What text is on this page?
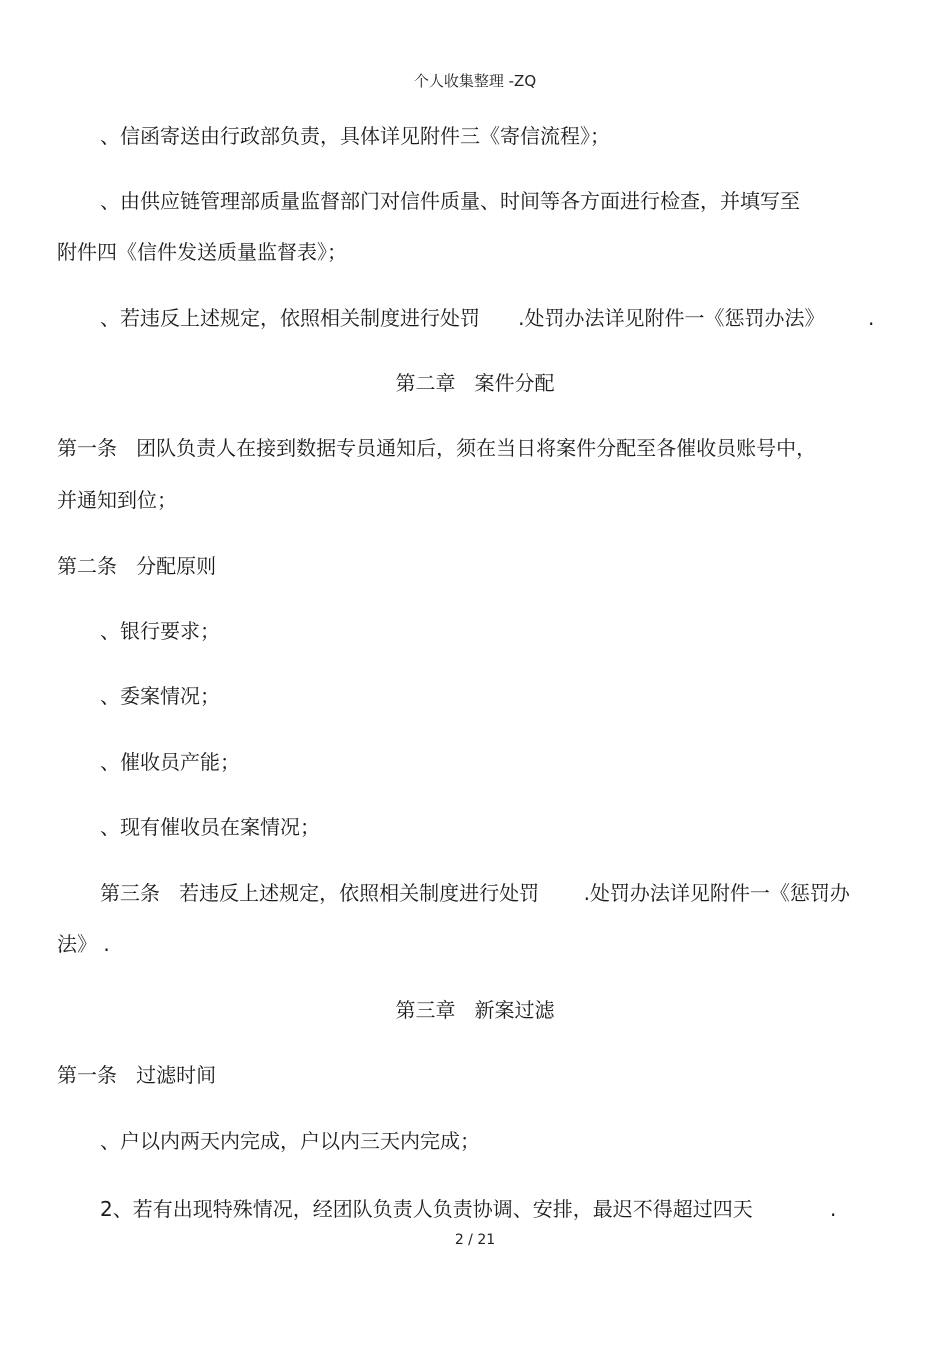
个人收集整理 -ZQ
、信函寄送由行政部负责，具体详见附件三《寄信流程》；
、由供应链管理部质量监督部门对信件质量、时间等各方面进行检查，并填写至
附件四《信件发送质量监督表》；
、若违反上述规定，依照相关制度进行处罚      .处罚办法详见附件一《惩罚办法》 .
第二章   案件分配
第一条   团队负责人在接到数据专员通知后，须在当日将案件分配至各催收员账号中，
并通知到位；
第二条   分配原则
、银行要求；
、委案情况；
、催收员产能；
、现有催收员在案情况；
第三条   若违反上述规定，依照相关制度进行处罚       .处罚办法详见附件一《惩罚办
法》 .
第三章   新案过滤
第一条   过滤时间
、户以内两天内完成，户以内三天内完成；
2、若有出现特殊情况，经团队负责人负责协调、安排，最迟不得超过四天	.
2 / 21
